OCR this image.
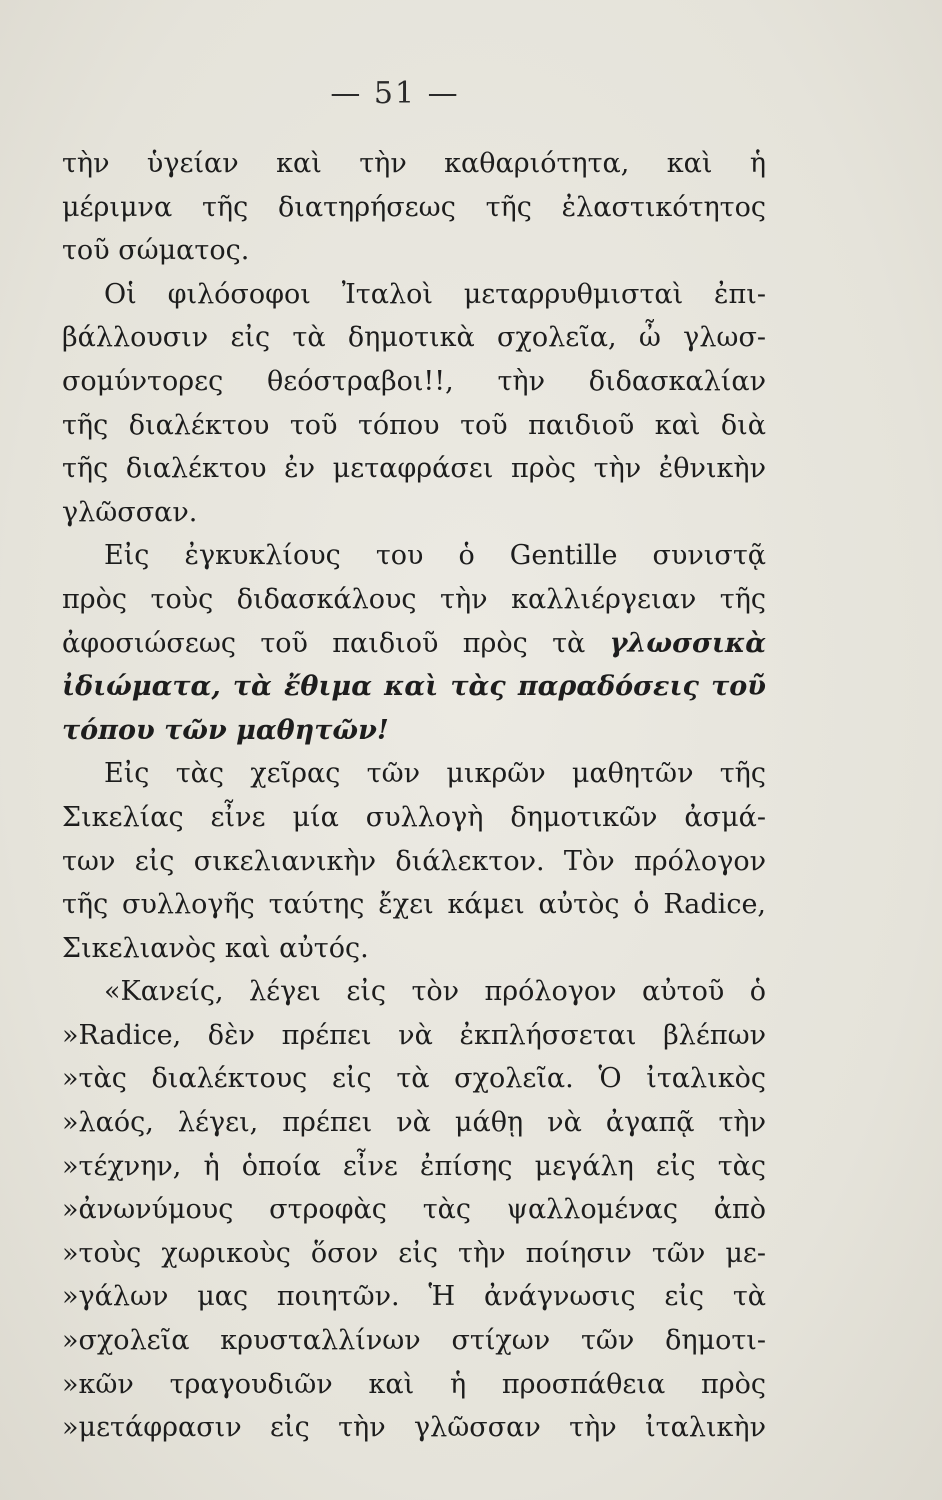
— 51 —
τὴν ὑγείαν καὶ τὴν καθαριότητα, καὶ ἡ
μέριμνα τῆς διατηρήσεως τῆς ἐλαστικότητος
τοῦ σώματος.
Οἱ φιλόσοφοι Ἰταλοὶ μεταρρυθμισταὶ ἐπι-
βάλλουσιν εἰς τὰ δημοτικὰ σχολεῖα, ὦ γλωσ-
σομύντορες θεόστραβοι!!, τὴν διδασκαλίαν
τῆς διαλέκτου τοῦ τόπου τοῦ παιδιοῦ καὶ διὰ
τῆς διαλέκτου ἐν μεταφράσει πρὸς τὴν ἐθνικὴν
γλῶσσαν.
Εἰς ἐγκυκλίους του ὁ Gentille συνιστᾷ
πρὸς τοὺς διδασκάλους τὴν καλλιέργειαν τῆς
ἀφοσιώσεως τοῦ παιδιοῦ πρὸς τὰ γλωσσικὰ
ἰδιώματα, τὰ ἔθιμα καὶ τὰς παραδόσεις τοῦ
τόπου τῶν μαθητῶν!
Εἰς τὰς χεῖρας τῶν μικρῶν μαθητῶν τῆς
Σικελίας εἶνε μία συλλογὴ δημοτικῶν ἀσμά-
των εἰς σικελιανικὴν διάλεκτον. Τὸν πρόλογον
τῆς συλλογῆς ταύτης ἔχει κάμει αὐτὸς ὁ Radice,
Σικελιανὸς καὶ αὐτός.
«Κανείς, λέγει εἰς τὸν πρόλογον αὐτοῦ ὁ
»Radice, δὲν πρέπει νὰ ἐκπλήσσεται βλέπων
»τὰς διαλέκτους εἰς τὰ σχολεῖα. Ὁ ἰταλικὸς
»λαός, λέγει, πρέπει νὰ μάθῃ νὰ ἀγαπᾷ τὴν
»τέχνην, ἡ ὁποία εἶνε ἐπίσης μεγάλη εἰς τὰς
»ἀνωνύμους στροφὰς τὰς ψαλλομένας ἀπὸ
»τοὺς χωρικοὺς ὅσον εἰς τὴν ποίησιν τῶν με-
»γάλων μας ποιητῶν. Ἡ ἀνάγνωσις εἰς τὰ
»σχολεῖα κρυσταλλίνων στίχων τῶν δημοτι-
»κῶν τραγουδιῶν καὶ ἡ προσπάθεια πρὸς
»μετάφρασιν εἰς τὴν γλῶσσαν τὴν ἰταλικὴν
